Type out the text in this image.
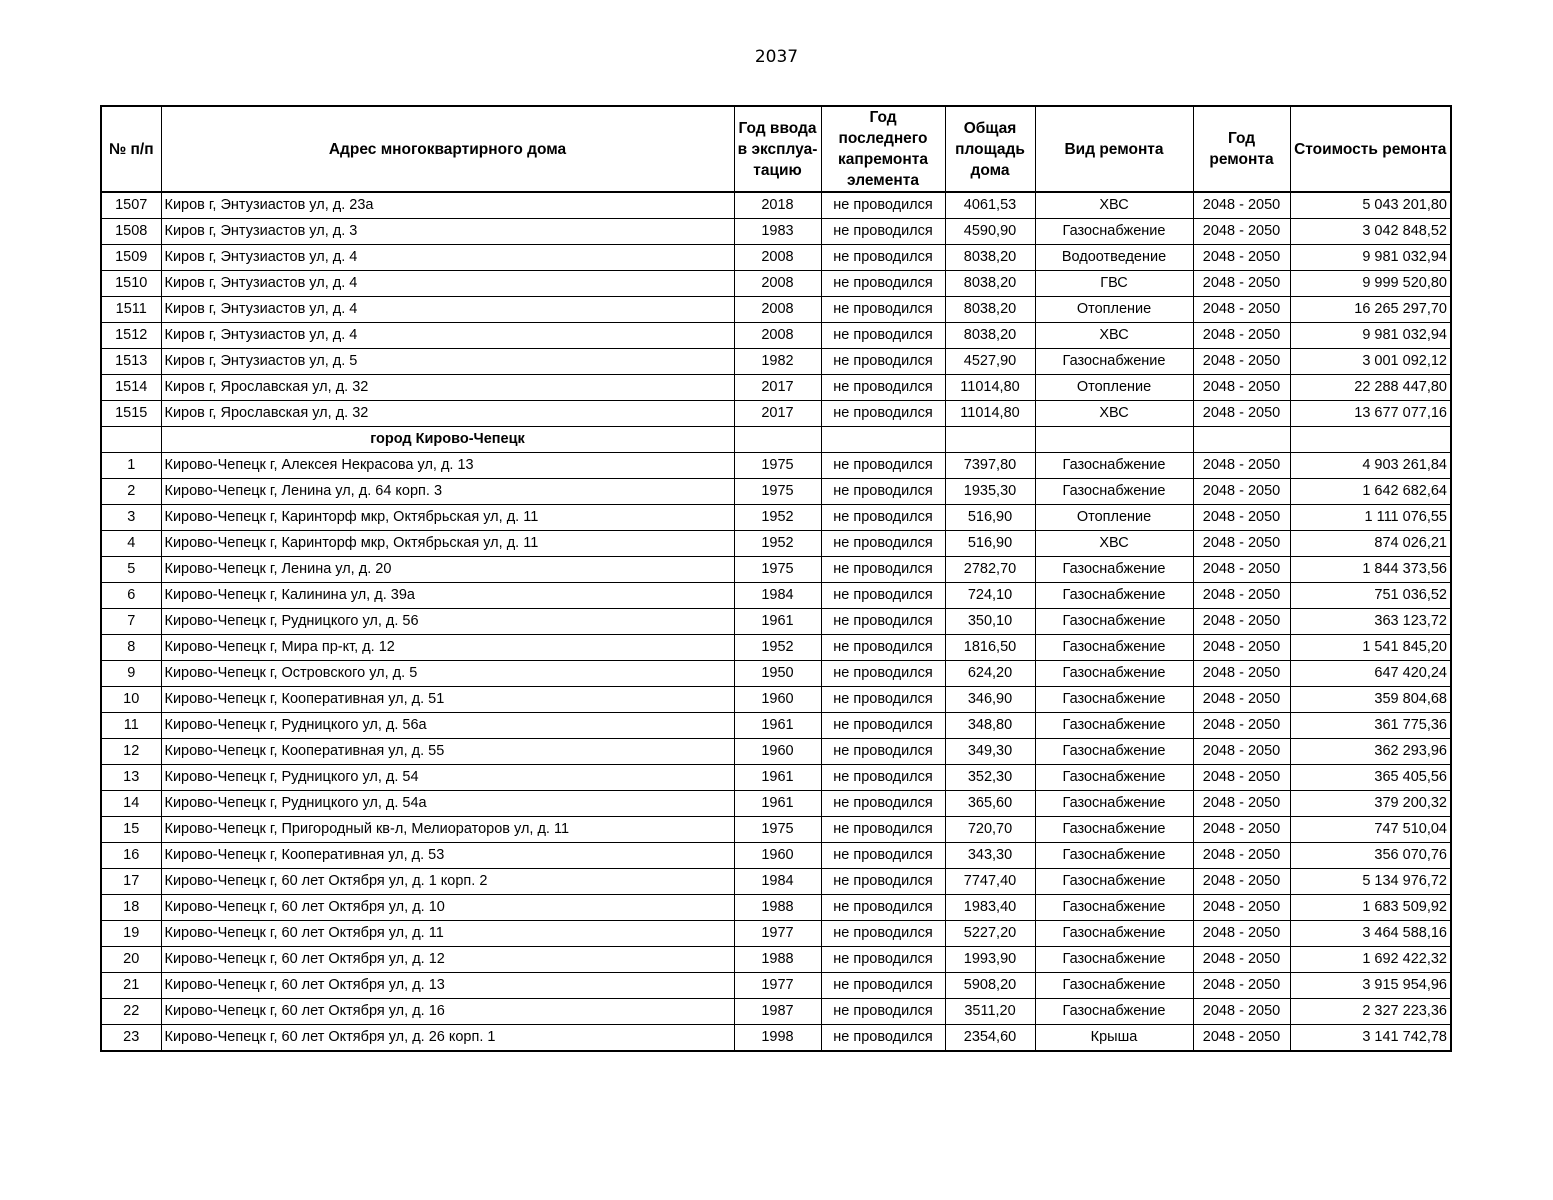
2037
№ п/п	Адрес многоквартирного дома	Год ввода в эксплуа-тацию	Год последнего капремонта элемента	Общая площадь дома	Вид ремонта	Год ремонта	Стоимость ремонта
1507	Киров г, Энтузиастов ул, д. 23а	2018	не проводился	4061,53	ХВС	2048 - 2050	5 043 201,80
1508	Киров г, Энтузиастов ул, д. 3	1983	не проводился	4590,90	Газоснабжение	2048 - 2050	3 042 848,52
1509	Киров г, Энтузиастов ул, д. 4	2008	не проводился	8038,20	Водоотведение	2048 - 2050	9 981 032,94
1510	Киров г, Энтузиастов ул, д. 4	2008	не проводился	8038,20	ГВС	2048 - 2050	9 999 520,80
1511	Киров г, Энтузиастов ул, д. 4	2008	не проводился	8038,20	Отопление	2048 - 2050	16 265 297,70
1512	Киров г, Энтузиастов ул, д. 4	2008	не проводился	8038,20	ХВС	2048 - 2050	9 981 032,94
1513	Киров г, Энтузиастов ул, д. 5	1982	не проводился	4527,90	Газоснабжение	2048 - 2050	3 001 092,12
1514	Киров г, Ярославская ул, д. 32	2017	не проводился	11014,80	Отопление	2048 - 2050	22 288 447,80
1515	Киров г, Ярославская ул, д. 32	2017	не проводился	11014,80	ХВС	2048 - 2050	13 677 077,16
	город Кирово-Чепецк						
1	Кирово-Чепецк г, Алексея Некрасова ул, д. 13	1975	не проводился	7397,80	Газоснабжение	2048 - 2050	4 903 261,84
2	Кирово-Чепецк г, Ленина ул, д. 64 корп. 3	1975	не проводился	1935,30	Газоснабжение	2048 - 2050	1 642 682,64
3	Кирово-Чепецк г, Каринторф мкр, Октябрьская ул, д. 11	1952	не проводился	516,90	Отопление	2048 - 2050	1 111 076,55
4	Кирово-Чепецк г, Каринторф мкр, Октябрьская ул, д. 11	1952	не проводился	516,90	ХВС	2048 - 2050	874 026,21
5	Кирово-Чепецк г, Ленина ул, д. 20	1975	не проводился	2782,70	Газоснабжение	2048 - 2050	1 844 373,56
6	Кирово-Чепецк г, Калинина ул, д. 39а	1984	не проводился	724,10	Газоснабжение	2048 - 2050	751 036,52
7	Кирово-Чепецк г, Рудницкого ул, д. 56	1961	не проводился	350,10	Газоснабжение	2048 - 2050	363 123,72
8	Кирово-Чепецк г, Мира пр-кт, д. 12	1952	не проводился	1816,50	Газоснабжение	2048 - 2050	1 541 845,20
9	Кирово-Чепецк г, Островского ул, д. 5	1950	не проводился	624,20	Газоснабжение	2048 - 2050	647 420,24
10	Кирово-Чепецк г, Кооперативная ул, д. 51	1960	не проводился	346,90	Газоснабжение	2048 - 2050	359 804,68
11	Кирово-Чепецк г, Рудницкого ул, д. 56а	1961	не проводился	348,80	Газоснабжение	2048 - 2050	361 775,36
12	Кирово-Чепецк г, Кооперативная ул, д. 55	1960	не проводился	349,30	Газоснабжение	2048 - 2050	362 293,96
13	Кирово-Чепецк г, Рудницкого ул, д. 54	1961	не проводился	352,30	Газоснабжение	2048 - 2050	365 405,56
14	Кирово-Чепецк г, Рудницкого ул, д. 54а	1961	не проводился	365,60	Газоснабжение	2048 - 2050	379 200,32
15	Кирово-Чепецк г, Пригородный кв-л, Мелиораторов ул, д. 11	1975	не проводился	720,70	Газоснабжение	2048 - 2050	747 510,04
16	Кирово-Чепецк г, Кооперативная ул, д. 53	1960	не проводился	343,30	Газоснабжение	2048 - 2050	356 070,76
17	Кирово-Чепецк г, 60 лет Октября ул, д. 1 корп. 2	1984	не проводился	7747,40	Газоснабжение	2048 - 2050	5 134 976,72
18	Кирово-Чепецк г, 60 лет Октября ул, д. 10	1988	не проводился	1983,40	Газоснабжение	2048 - 2050	1 683 509,92
19	Кирово-Чепецк г, 60 лет Октября ул, д. 11	1977	не проводился	5227,20	Газоснабжение	2048 - 2050	3 464 588,16
20	Кирово-Чепецк г, 60 лет Октября ул, д. 12	1988	не проводился	1993,90	Газоснабжение	2048 - 2050	1 692 422,32
21	Кирово-Чепецк г, 60 лет Октября ул, д. 13	1977	не проводился	5908,20	Газоснабжение	2048 - 2050	3 915 954,96
22	Кирово-Чепецк г, 60 лет Октября ул, д. 16	1987	не проводился	3511,20	Газоснабжение	2048 - 2050	2 327 223,36
23	Кирово-Чепецк г, 60 лет Октября ул, д. 26 корп. 1	1998	не проводился	2354,60	Крыша	2048 - 2050	3 141 742,78
